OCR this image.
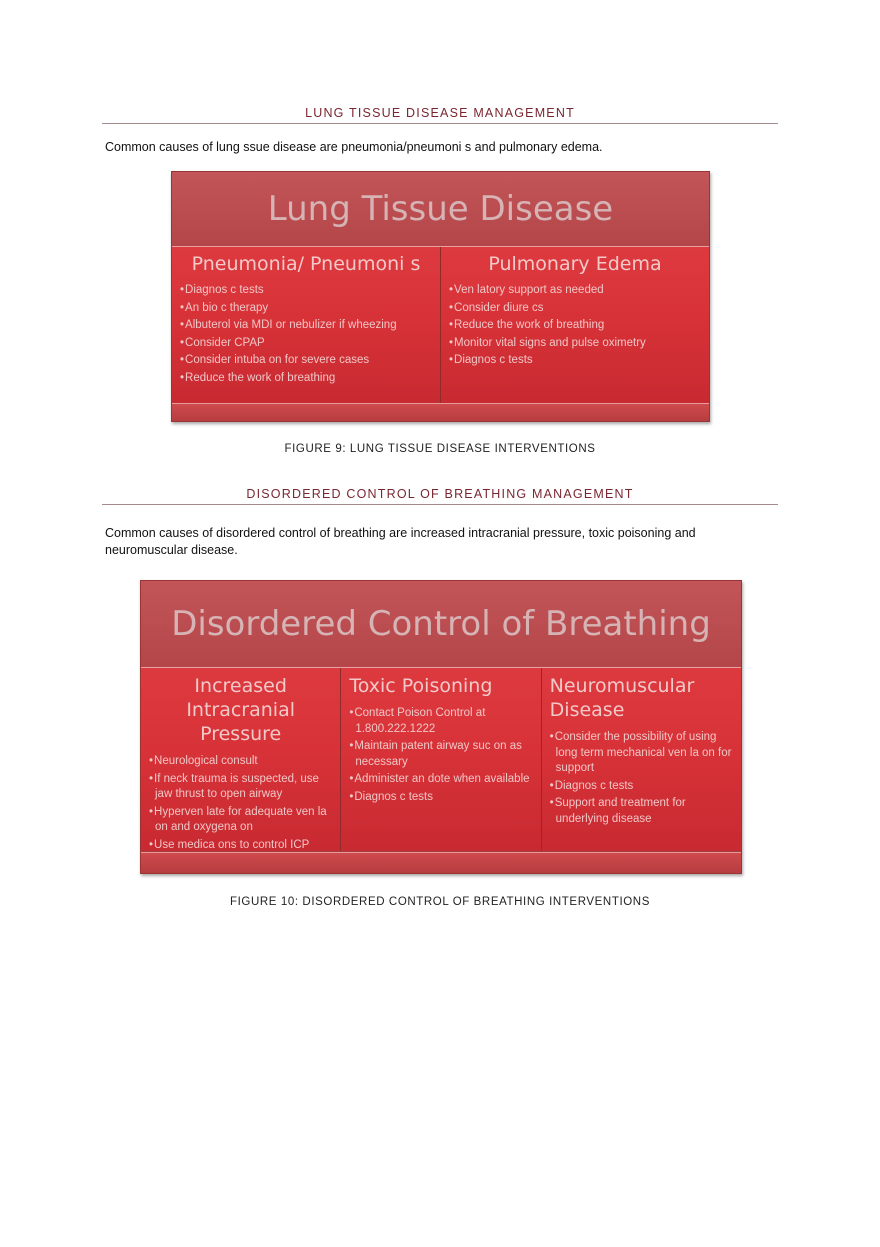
LUNG TISSUE DISEASE MANAGEMENT
Common causes of lung ssue disease are pneumonia/pneumoni s and pulmonary edema.
Lung Tissue Disease
Pneumonia/ Pneumoni s
• Diagnos c tests
• An bio c therapy
• Albuterol via MDI or nebulizer if wheezing
• Consider CPAP
• Consider intuba on for severe cases
• Reduce the work of breathing
Pulmonary Edema
• Ven latory support as needed
• Consider diure cs
• Reduce the work of breathing
• Monitor vital signs and pulse oximetry
• Diagnos c tests
FIGURE 9: LUNG TISSUE DISEASE INTERVENTIONS
DISORDERED CONTROL OF BREATHING MANAGEMENT
Common causes of disordered control of breathing are increased intracranial pressure, toxic poisoning and neuromuscular disease.
Disordered Control of Breathing
Increased Intracranial Pressure
• Neurological consult
• If neck trauma is suspected, use jaw thrust to open airway
• Hyperven late for adequate ven la on and oxygena on
• Use medica ons to control ICP
•
Toxic Poisoning
• Contact Poison Control at 1.800.222.1222
• Maintain patent airway suc on as necessary
• Administer an dote when available
• Diagnos c tests
Neuromuscular Disease
• Consider the possibility of using long term mechanical ven la on for support
• Diagnos c tests
• Support and treatment for underlying disease
FIGURE 10: DISORDERED CONTROL OF BREATHING INTERVENTIONS
